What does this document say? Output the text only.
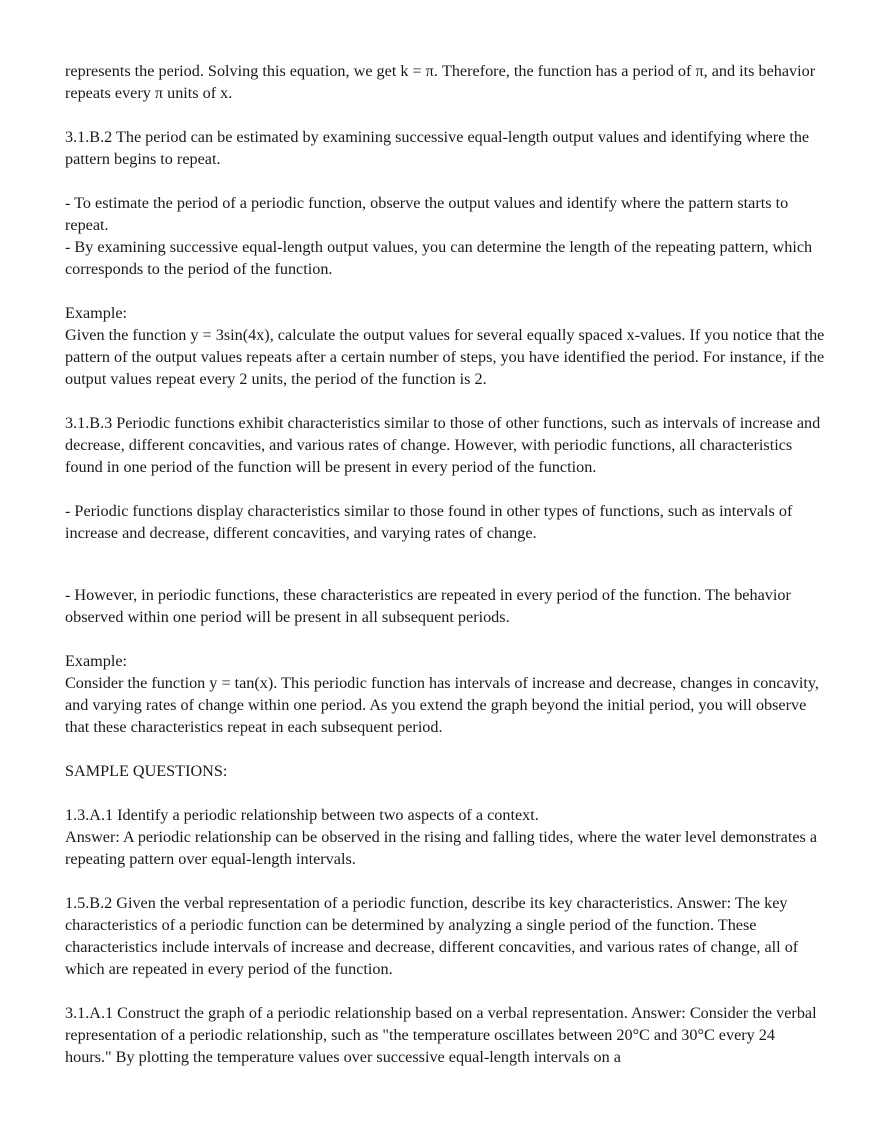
represents the period. Solving this equation, we get k = π. Therefore, the function has a period of π, and its behavior repeats every π units of x.

3.1.B.2 The period can be estimated by examining successive equal-length output values and identifying where the pattern begins to repeat.

- To estimate the period of a periodic function, observe the output values and identify where the pattern starts to repeat.

- By examining successive equal-length output values, you can determine the length of the repeating pattern, which corresponds to the period of the function.

Example:

Given the function y = 3sin(4x), calculate the output values for several equally spaced x-values. If you notice that the pattern of the output values repeats after a certain number of steps, you have identified the period. For instance, if the output values repeat every 2 units, the period of the function is 2.

3.1.B.3 Periodic functions exhibit characteristics similar to those of other functions, such as intervals of increase and decrease, different concavities, and various rates of change. However, with periodic functions, all characteristics found in one period of the function will be present in every period of the function.

- Periodic functions display characteristics similar to those found in other types of functions, such as intervals of increase and decrease, different concavities, and varying rates of change.

- However, in periodic functions, these characteristics are repeated in every period of the function. The behavior observed within one period will be present in all subsequent periods.

Example:

Consider the function y = tan(x). This periodic function has intervals of increase and decrease, changes in concavity, and varying rates of change within one period. As you extend the graph beyond the initial period, you will observe that these characteristics repeat in each subsequent period.

SAMPLE QUESTIONS:

1.3.A.1 Identify a periodic relationship between two aspects of a context.

Answer: A periodic relationship can be observed in the rising and falling tides, where the water level demonstrates a repeating pattern over equal-length intervals.

1.5.B.2 Given the verbal representation of a periodic function, describe its key characteristics. Answer: The key characteristics of a periodic function can be determined by analyzing a single period of the function. These characteristics include intervals of increase and decrease, different concavities, and various rates of change, all of which are repeated in every period of the function.

3.1.A.1 Construct the graph of a periodic relationship based on a verbal representation. Answer: Consider the verbal representation of a periodic relationship, such as "the temperature oscillates between 20°C and 30°C every 24 hours." By plotting the temperature values over successive equal-length intervals on a
